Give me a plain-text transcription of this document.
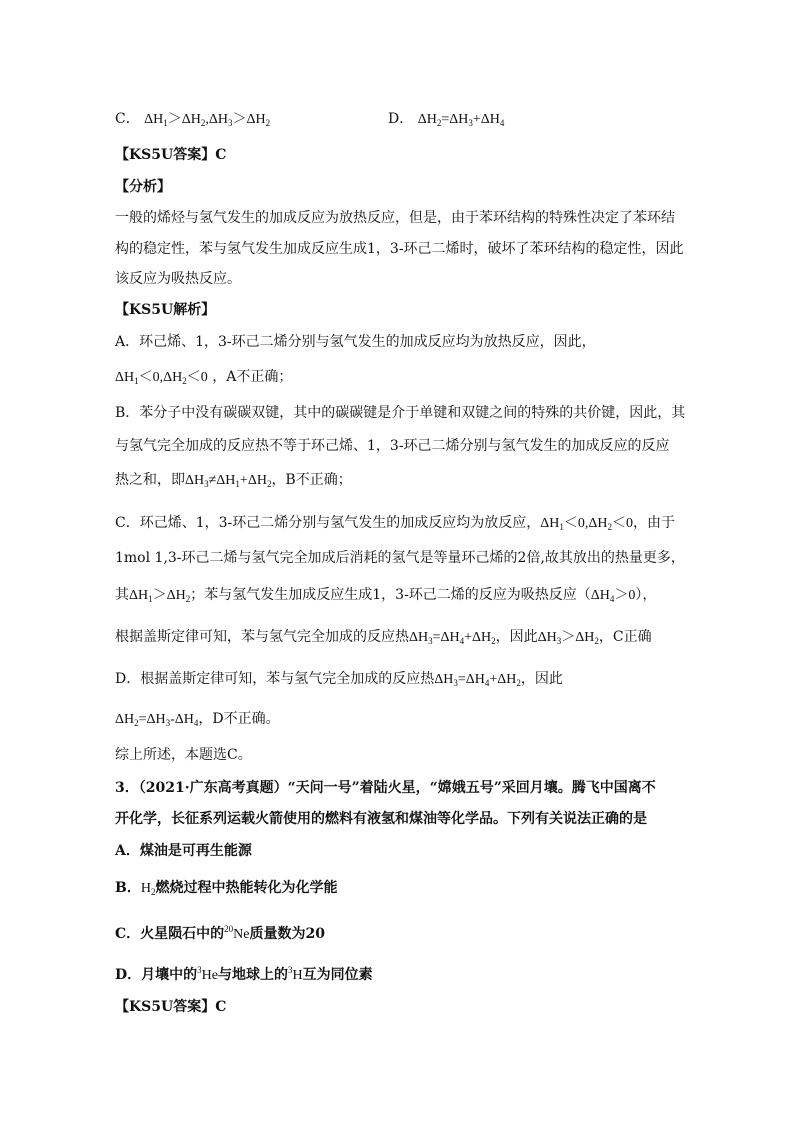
C． $\Delta H_1>\Delta H_2,\Delta H_3>\Delta H_2$	D． $\Delta H_2=\Delta H_3+\Delta H_4$
【KS5U答案】C
【分析】
一般的烯烃与氢气发生的加成反应为放热反应，但是，由于苯环结构的特殊性决定了苯环结
构的稳定性，苯与氢气发生加成反应生成1，3-环己二烯时，破坏了苯环结构的稳定性，因此
该反应为吸热反应。
【KS5U解析】
A．环己烯、1，3-环己二烯分别与氢气发生的加成反应均为放热反应，因此，
$\Delta H_1<0,\Delta H_2<0$ ，A不正确；
B．苯分子中没有碳碳双键，其中的碳碳键是介于单键和双键之间的特殊的共价键，因此，其
与氢气完全加成的反应热不等于环己烯、1，3-环己二烯分别与氢气发生的加成反应的反应
热之和，即$\Delta H_3\ne\Delta H_1+\Delta H_2$，B不正确；
C．环己烯、1，3-环己二烯分别与氢气发生的加成反应均为放反应，$\Delta H_1<0,\Delta H_2<0$，由于
1mol 1,3-环己二烯与氢气完全加成后消耗的氢气是等量环己烯的2倍,故其放出的热量更多，
其$\Delta H_1>\Delta H_2$；苯与氢气发生加成反应生成1，3-环己二烯的反应为吸热反应$(\Delta H_4>0)$，
根据盖斯定律可知，苯与氢气完全加成的反应热$\Delta H_3=\Delta H_4+\Delta H_2$，因此$\Delta H_3>\Delta H_2$，C正确
D．根据盖斯定律可知，苯与氢气完全加成的反应热$\Delta H_3=\Delta H_4+\Delta H_2$，因此
$\Delta H_2=\Delta H_3-\Delta H_4$，D不正确。
综上所述，本题选C。
3．（2021·广东高考真题）“天问一号”着陆火星，“嫦娥五号”采回月壤。腾飞中国离不
开化学，长征系列运载火箭使用的燃料有液氢和煤油等化学品。下列有关说法正确的是
A．煤油是可再生能源
B．$H_2$燃烧过程中热能转化为化学能
C．火星陨石中的$^{20}$Ne质量数为20
D．月壤中的$^3$He与地球上的$^3$H互为同位素
【KS5U答案】C
